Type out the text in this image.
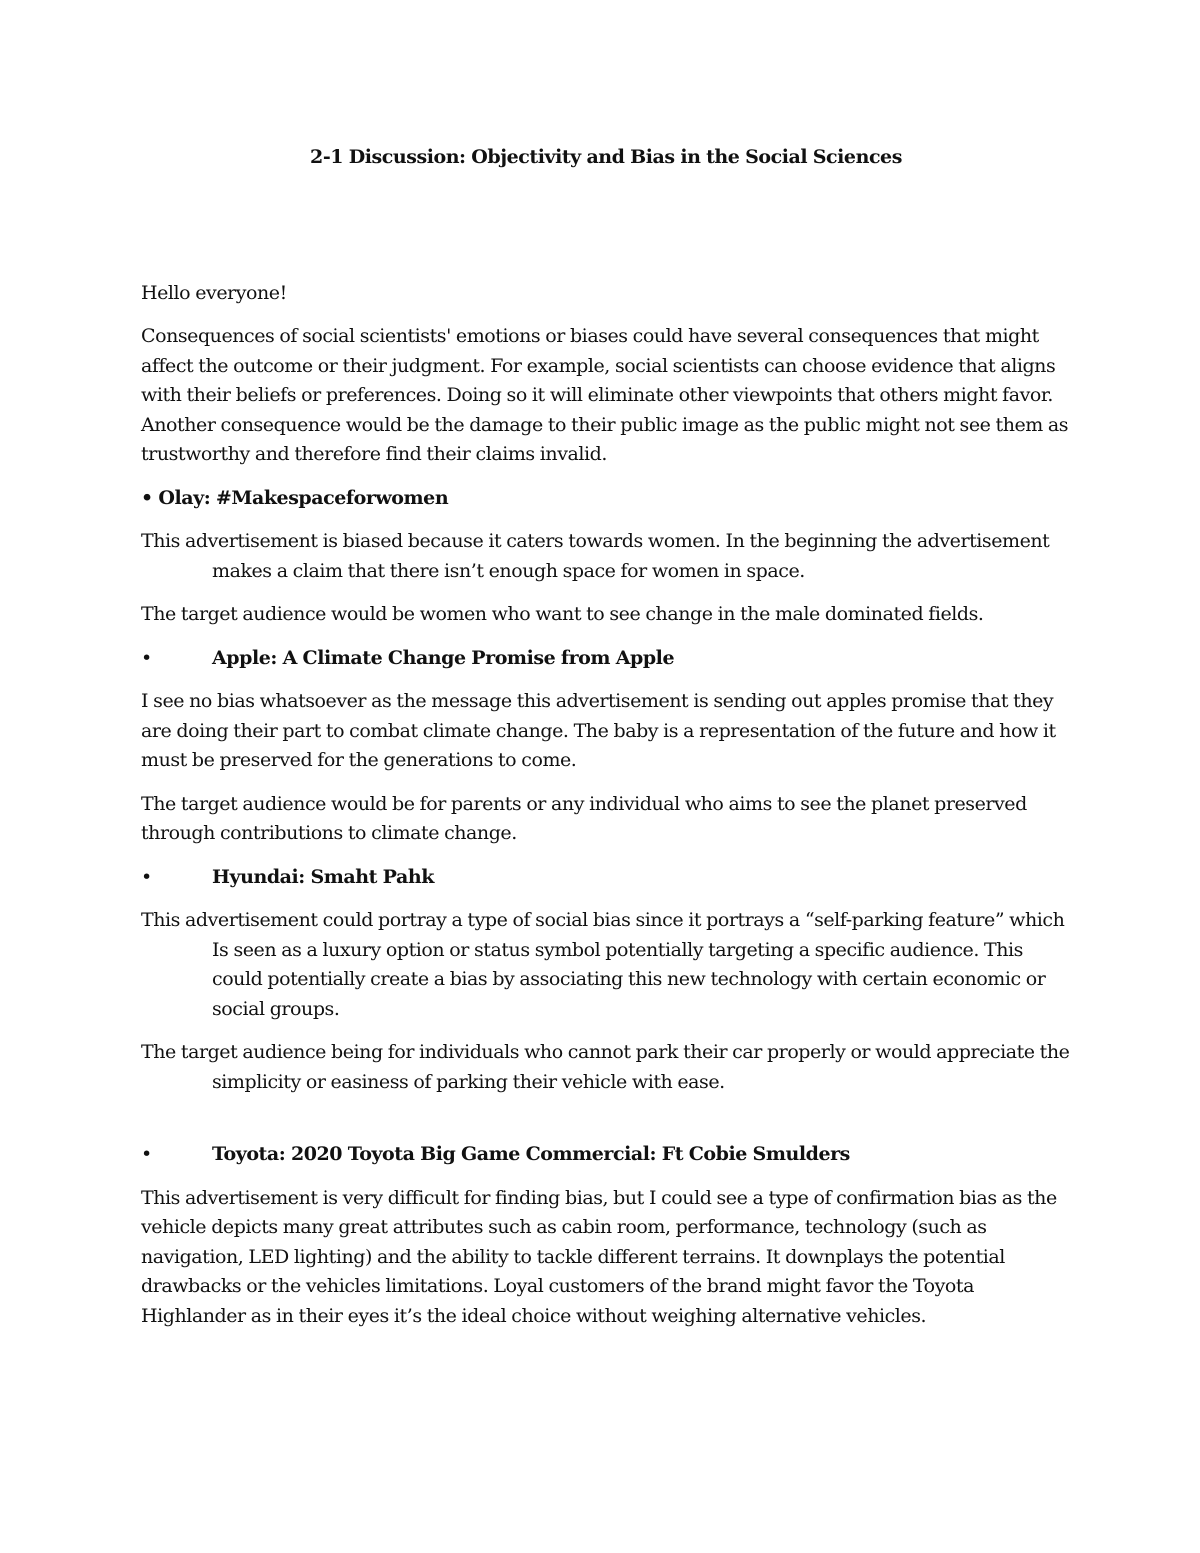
2-1 Discussion: Objectivity and Bias in the Social Sciences

Hello everyone!

Consequences of social scientists' emotions or biases could have several consequences that might affect the outcome or their judgment. For example, social scientists can choose evidence that aligns with their beliefs or preferences. Doing so it will eliminate other viewpoints that others might favor. Another consequence would be the damage to their public image as the public might not see them as trustworthy and therefore find their claims invalid.

• Olay: #Makespaceforwomen

This advertisement is biased because it caters towards women. In the beginning the advertisement makes a claim that there isn’t enough space for women in space.

The target audience would be women who want to see change in the male dominated fields.

•	Apple: A Climate Change Promise from Apple

I see no bias whatsoever as the message this advertisement is sending out apples promise that they are doing their part to combat climate change. The baby is a representation of the future and how it must be preserved for the generations to come.

The target audience would be for parents or any individual who aims to see the planet preserved through contributions to climate change.

•	Hyundai: Smaht Pahk

This advertisement could portray a type of social bias since it portrays a “self-parking feature” which Is seen as a luxury option or status symbol potentially targeting a specific audience. This could potentially create a bias by associating this new technology with certain economic or social groups.

The target audience being for individuals who cannot park their car properly or would appreciate the simplicity or easiness of parking their vehicle with ease.

•	Toyota: 2020 Toyota Big Game Commercial: Ft Cobie Smulders

This advertisement is very difficult for finding bias, but I could see a type of confirmation bias as the vehicle depicts many great attributes such as cabin room, performance, technology (such as navigation, LED lighting) and the ability to tackle different terrains. It downplays the potential drawbacks or the vehicles limitations. Loyal customers of the brand might favor the Toyota Highlander as in their eyes it’s the ideal choice without weighing alternative vehicles.
